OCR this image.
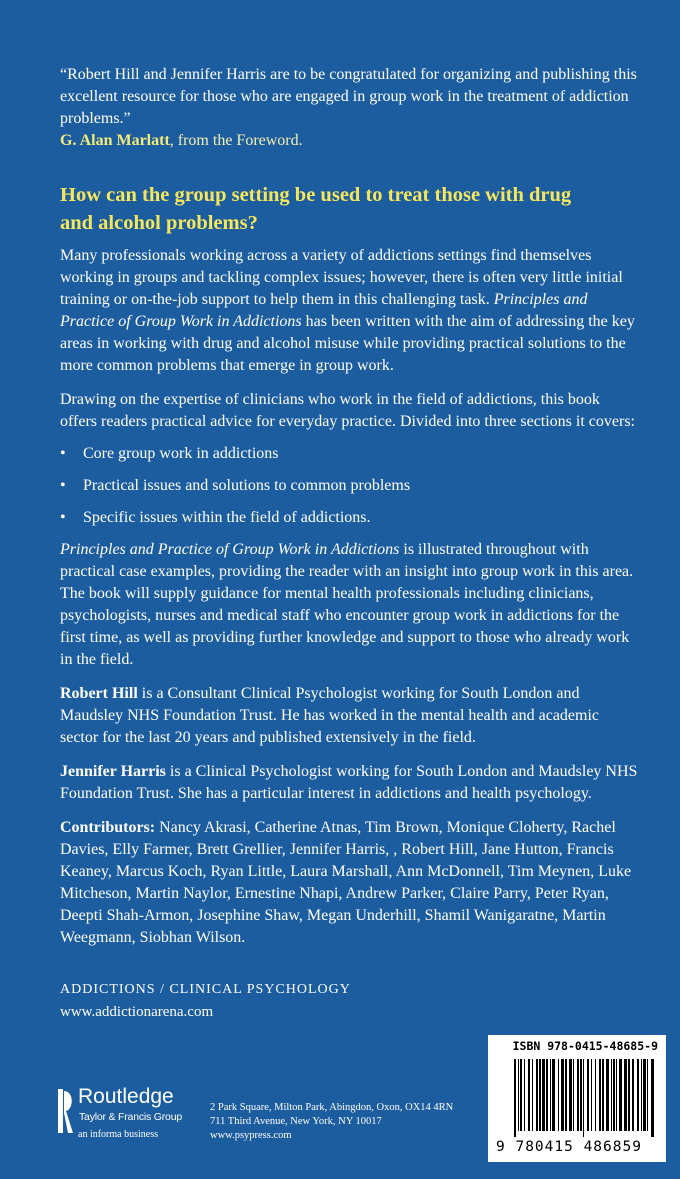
“Robert Hill and Jennifer Harris are to be congratulated for organizing and publishing this excellent resource for those who are engaged in group work in the treatment of addiction problems.”

G. Alan Marlatt, from the Foreword.
How can the group setting be used to treat those with drug and alcohol problems?

Many professionals working across a variety of addictions settings find themselves working in groups and tackling complex issues; however, there is often very little initial training or on-the-job support to help them in this challenging task. Principles and Practice of Group Work in Addictions has been written with the aim of addressing the key areas in working with drug and alcohol misuse while providing practical solutions to the more common problems that emerge in group work.

Drawing on the expertise of clinicians who work in the field of addictions, this book offers readers practical advice for everyday practice. Divided into three sections it covers:

• Core group work in addictions
• Practical issues and solutions to common problems
• Specific issues within the field of addictions.

Principles and Practice of Group Work in Addictions is illustrated throughout with practical case examples, providing the reader with an insight into group work in this area. The book will supply guidance for mental health professionals including clinicians, psychologists, nurses and medical staff who encounter group work in addictions for the first time, as well as providing further knowledge and support to those who already work in the field.

Robert Hill is a Consultant Clinical Psychologist working for South London and Maudsley NHS Foundation Trust. He has worked in the mental health and academic sector for the last 20 years and published extensively in the field.

Jennifer Harris is a Clinical Psychologist working for South London and Maudsley NHS Foundation Trust. She has a particular interest in addictions and health psychology.

Contributors: Nancy Akrasi, Catherine Atnas, Tim Brown, Monique Cloherty, Rachel Davies, Elly Farmer, Brett Grellier, Jennifer Harris, , Robert Hill, Jane Hutton, Francis Keaney, Marcus Koch, Ryan Little, Laura Marshall, Ann McDonnell, Tim Meynen, Luke Mitcheson, Martin Naylor, Ernestine Nhapi, Andrew Parker, Claire Parry, Peter Ryan, Deepti Shah-Armon, Josephine Shaw, Megan Underhill, Shamil Wanigaratne, Martin Weegmann, Siobhan Wilson.

ADDICTIONS / CLINICAL PSYCHOLOGY
www.addictionarena.com
Routledge
Taylor & Francis Group
an informa business
2 Park Square, Milton Park, Abingdon, Oxon, OX14 4RN
711 Third Avenue, New York, NY 10017
www.psypress.com
ISBN 978-0415-48685-9
9 780415 486859
